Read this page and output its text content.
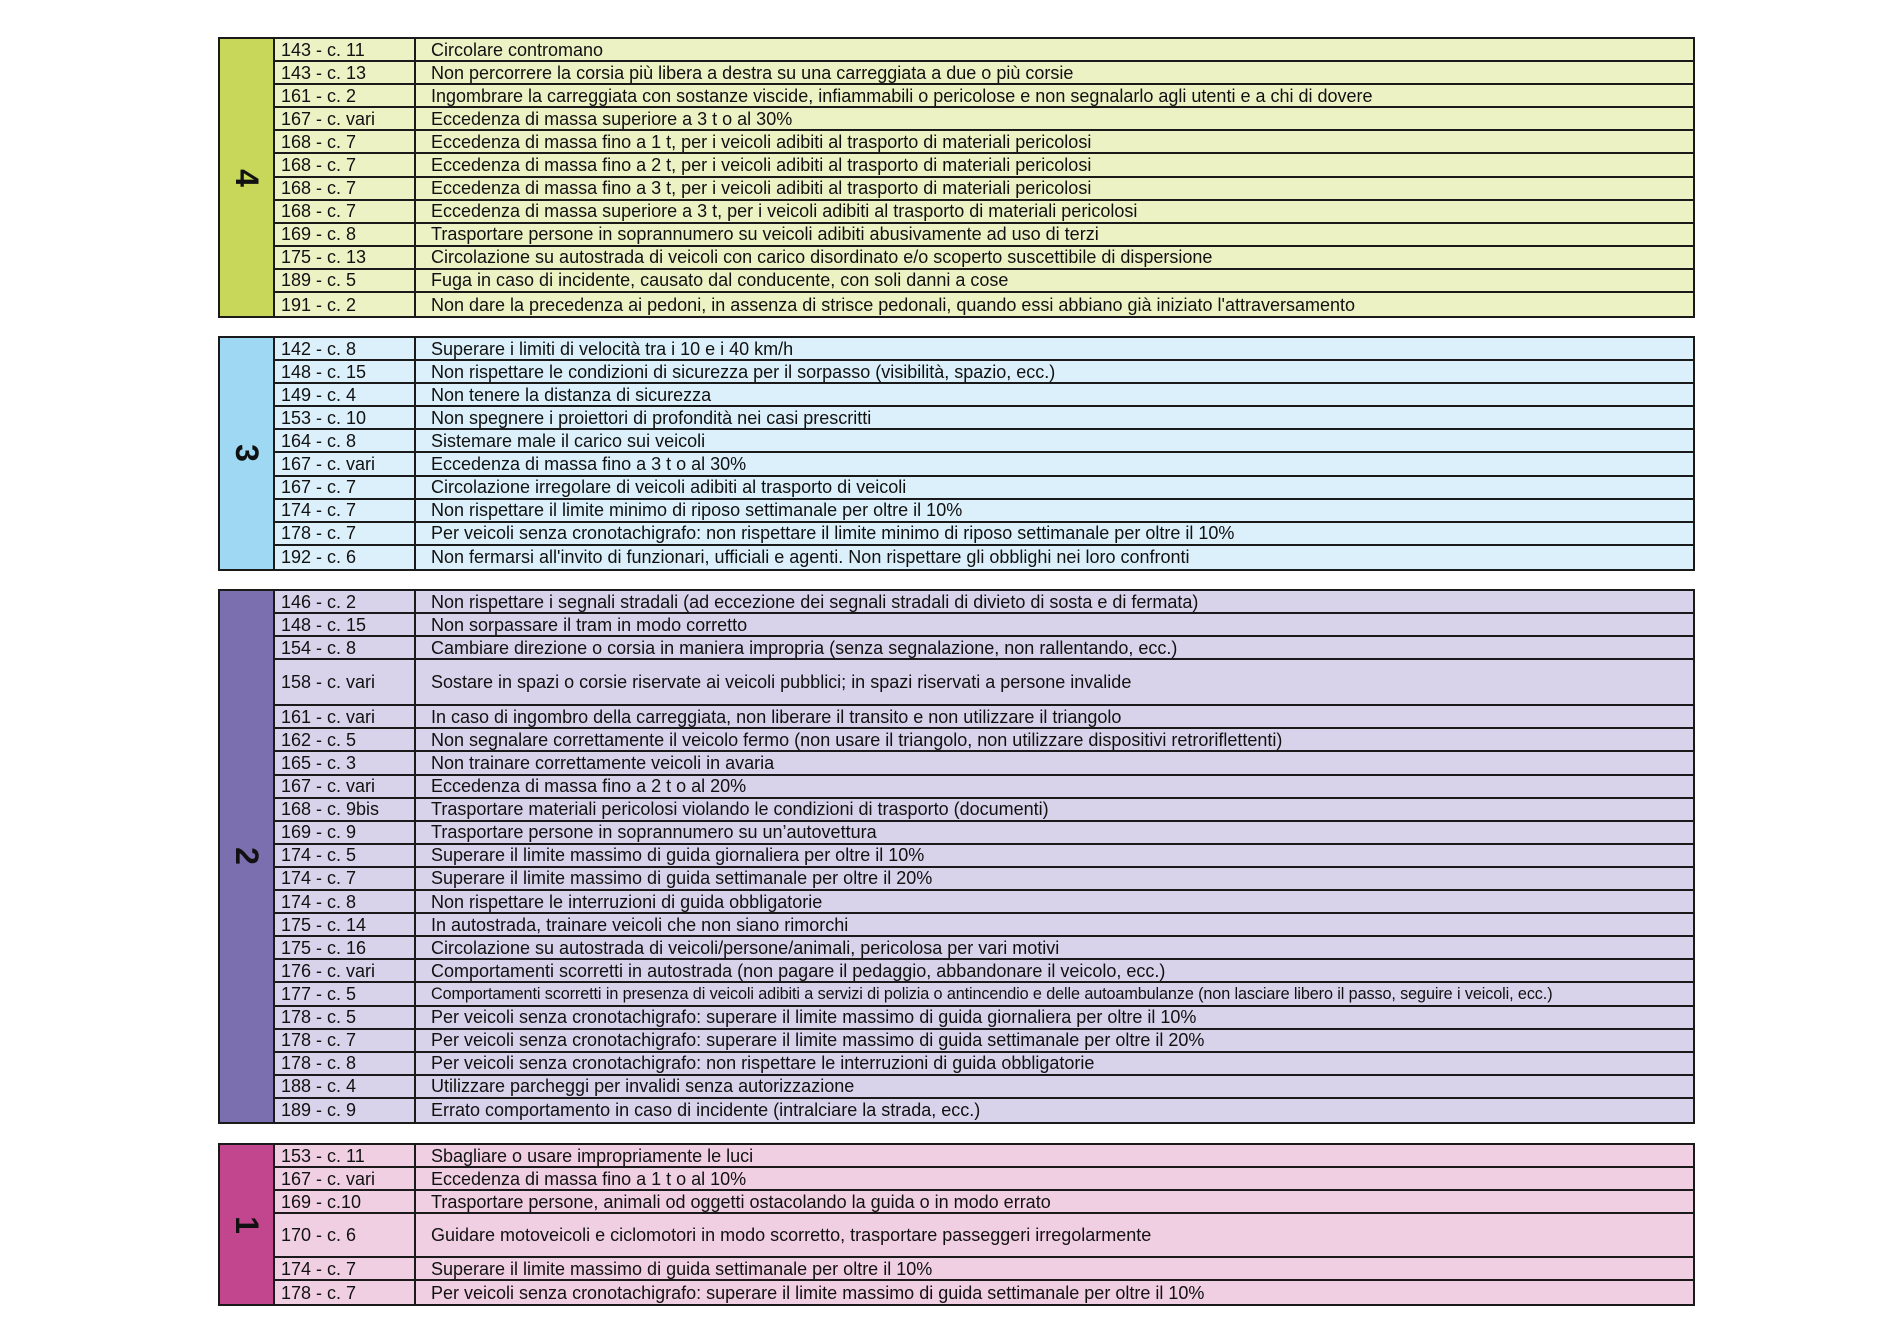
4
143 - c. 11	Circolare contromano
143 - c. 13	Non percorrere la corsia più libera a destra su una carreggiata a due o più corsie
161 - c. 2	Ingombrare la carreggiata con sostanze viscide, infiammabili o pericolose e non segnalarlo agli utenti e a chi di dovere
167 - c. vari	Eccedenza di massa superiore a 3 t o al 30%
168 - c. 7	Eccedenza di massa fino a 1 t, per i veicoli adibiti al trasporto di materiali pericolosi
168 - c. 7	Eccedenza di massa fino a 2 t, per i veicoli adibiti al trasporto di materiali pericolosi
168 - c. 7	Eccedenza di massa fino a 3 t, per i veicoli adibiti al trasporto di materiali pericolosi
168 - c. 7	Eccedenza di massa superiore a 3 t, per i veicoli adibiti al trasporto di materiali pericolosi
169 - c. 8	Trasportare persone in soprannumero su veicoli adibiti abusivamente ad uso di terzi
175 - c. 13	Circolazione su autostrada di veicoli con carico disordinato e/o scoperto suscettibile di dispersione
189 - c. 5	Fuga in caso di incidente, causato dal conducente, con soli danni a cose
191 - c. 2	Non dare la precedenza ai pedoni, in assenza di strisce pedonali, quando essi abbiano già iniziato l'attraversamento
3
142 - c. 8	Superare i limiti di velocità tra i 10 e i 40 km/h
148 - c. 15	Non rispettare le condizioni di sicurezza per il sorpasso (visibilità, spazio, ecc.)
149 - c. 4	Non tenere la distanza di sicurezza
153 - c. 10	Non spegnere i proiettori di profondità nei casi prescritti
164 - c. 8	Sistemare male il carico sui veicoli
167 - c. vari	Eccedenza di massa fino a 3 t o al 30%
167 - c. 7	Circolazione irregolare di veicoli adibiti al trasporto di veicoli
174 - c. 7	Non rispettare il limite minimo di riposo settimanale per oltre il 10%
178 - c. 7	Per veicoli senza cronotachigrafo: non rispettare il limite minimo di riposo settimanale per oltre il 10%
192 - c. 6	Non fermarsi all'invito di funzionari, ufficiali e agenti. Non rispettare gli obblighi nei loro confronti
2
146 - c. 2	Non rispettare i segnali stradali (ad eccezione dei segnali stradali di divieto di sosta e di fermata)
148 - c. 15	Non sorpassare il tram in modo corretto
154 - c. 8	Cambiare direzione o corsia in maniera impropria (senza segnalazione, non rallentando, ecc.)
158 - c. vari	Sostare in spazi o corsie riservate ai veicoli pubblici; in spazi riservati a persone invalide
161 - c. vari	In caso di ingombro della carreggiata, non liberare il transito e non utilizzare il triangolo
162 - c. 5	Non segnalare correttamente il veicolo fermo (non usare il triangolo, non utilizzare dispositivi retroriflettenti)
165 - c. 3	Non trainare correttamente veicoli in avaria
167 - c. vari	Eccedenza di massa fino a 2 t o al 20%
168 - c. 9bis	Trasportare materiali pericolosi violando le condizioni di trasporto (documenti)
169 - c. 9	Trasportare persone in soprannumero su un’autovettura
174 - c. 5	Superare il limite massimo di guida giornaliera per oltre il 10%
174 - c. 7	Superare il limite massimo di guida settimanale per oltre il 20%
174 - c. 8	Non rispettare le interruzioni di guida obbligatorie
175 - c. 14	In autostrada, trainare veicoli che non siano rimorchi
175 - c. 16	Circolazione su autostrada di veicoli/persone/animali, pericolosa per vari motivi
176 - c. vari	Comportamenti scorretti in autostrada (non pagare il pedaggio, abbandonare il veicolo, ecc.)
177 - c. 5	Comportamenti scorretti in presenza di veicoli adibiti a servizi di polizia o antincendio e delle autoambulanze (non lasciare libero il passo, seguire i veicoli, ecc.)
178 - c. 5	Per veicoli senza cronotachigrafo: superare il limite massimo di guida giornaliera per oltre il 10%
178 - c. 7	Per veicoli senza cronotachigrafo: superare il limite massimo di guida settimanale per oltre il 20%
178 - c. 8	Per veicoli senza cronotachigrafo: non rispettare le interruzioni di guida obbligatorie
188 - c. 4	Utilizzare parcheggi per invalidi senza autorizzazione
189 - c. 9	Errato comportamento in caso di incidente (intralciare la strada, ecc.)
1
153 - c. 11	Sbagliare o usare impropriamente le luci
167 - c. vari	Eccedenza di massa fino a 1 t o al 10%
169 - c.10	Trasportare persone, animali od oggetti ostacolando la guida o in modo errato
170 - c. 6	Guidare motoveicoli e ciclomotori in modo scorretto, trasportare passeggeri irregolarmente
174 - c. 7	Superare il limite massimo di guida settimanale per oltre il 10%
178 - c. 7	Per veicoli senza cronotachigrafo: superare il limite massimo di guida settimanale per oltre il 10%
